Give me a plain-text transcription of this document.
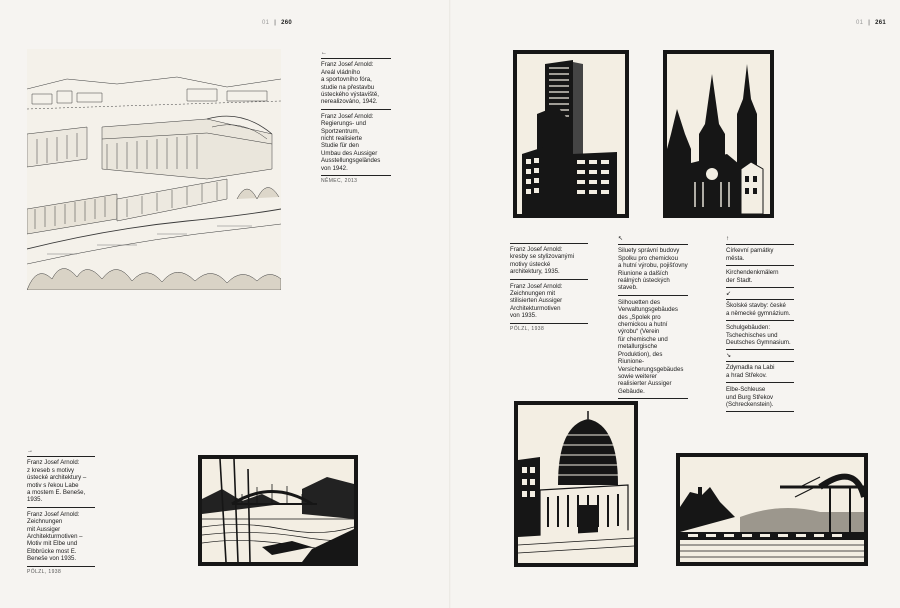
01 | 260	01 | 261
←
Franz Josef Arnold:
Areál vládního
a sportovního fóra,
studie na přestavbu
ústeckého výstaviště,
nerealizováno, 1942.
Franz Josef Arnold:
Regierungs- und
Sportzentrum,
nicht realisierte
Studie für den
Umbau des Aussiger
Ausstellungsgeländes
von 1942.
NĚMEC, 2013
→
Franz Josef Arnold:
z kreseb s motivy
ústecké architektury –
motiv s řekou Labe
a mostem E. Beneše,
1935.
Franz Josef Arnold:
Zeichnungen
mit Aussiger
Architekturmotiven –
Motiv mit Elbe und
Elbbrücke most E.
Beneše von 1935.
PÖLZL, 1938
Franz Josef Arnold:
kresby se stylizovanými
motivy ústecké
architektury, 1935.
Franz Josef Arnold:
Zeichnungen mit
stilisierten Aussiger
Architekturmotiven
von 1935.
PÖLZL, 1938
↖
Siluety správní budovy
Spolku pro chemickou
a hutní výrobu, pojišťovny
Riunione a dalších
reálných ústeckých
staveb.
Silhouetten des
Verwaltungsgebäudes
des „Spolek pro
chemickou a hutní
výrobu“ (Verein
für chemische und
metallurgische
Produktion), des Riunione-
Versicherungsgebäudes
sowie weiterer
realisierter Aussiger
Gebäude.
↑
Církevní památky
města.
Kirchendenkmälern
der Stadt.
↙
Školské stavby: české
a německé gymnázium.
Schulgebäuden:
Tschechisches und
Deutsches Gymnasium.
↘
Zdymadla na Labi
a hrad Střekov.
Elbe-Schleuse
und Burg Střekov
(Schreckenstein).
